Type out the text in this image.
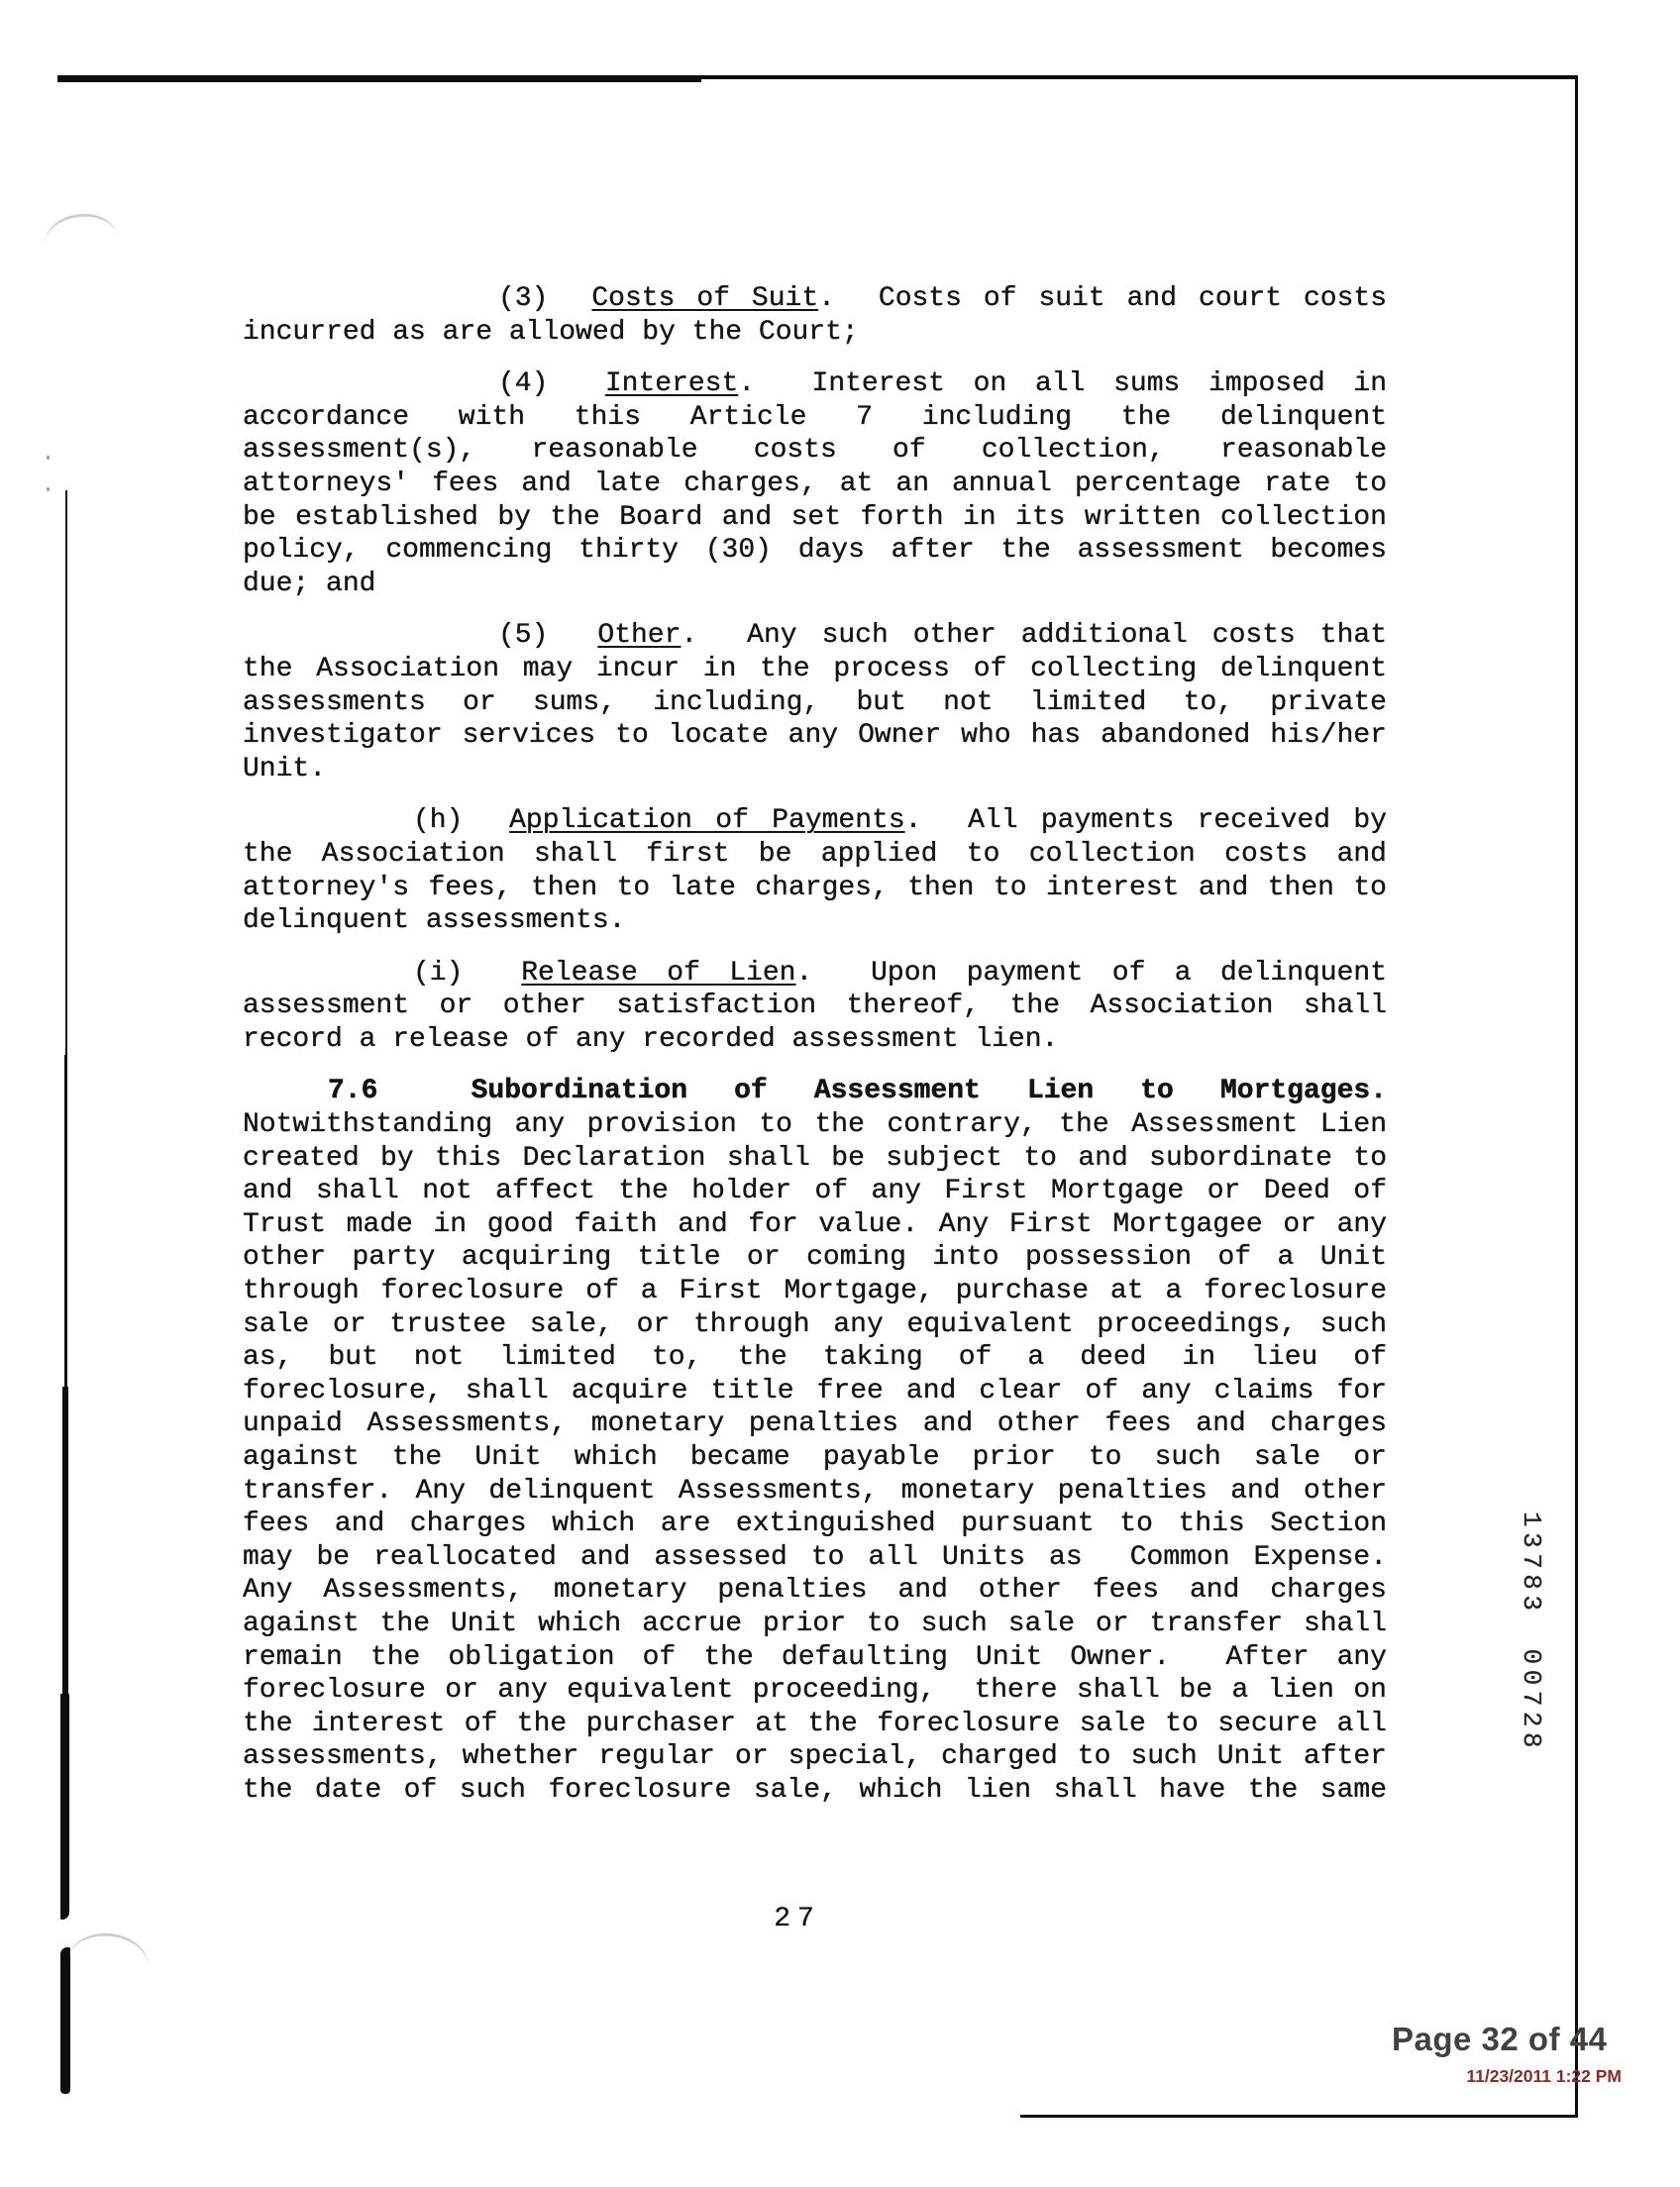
(3)  Costs of Suit.  Costs of suit and court costs
incurred as are allowed by the Court;
(4)  Interest.  Interest on all sums imposed in
accordance with this Article 7 including the delinquent
assessment(s), reasonable costs of collection, reasonable
attorneys' fees and late charges, at an annual percentage rate to
be established by the Board and set forth in its written collection
policy, commencing thirty (30) days after the assessment becomes
due; and
(5)  Other.  Any such other additional costs that
the Association may incur in the process of collecting delinquent
assessments or sums, including, but not limited to, private
investigator services to locate any Owner who has abandoned his/her
Unit.
(h)  Application of Payments.  All payments received by
the Association shall first be applied to collection costs and
attorney's fees, then to late charges, then to interest and then to
delinquent assessments.
(i)  Release of Lien.  Upon payment of a delinquent
assessment or other satisfaction thereof, the Association shall
record a release of any recorded assessment lien.
7.6  Subordination of Assessment Lien to Mortgages.
Notwithstanding any provision to the contrary, the Assessment Lien
created by this Declaration shall be subject to and subordinate to
and shall not affect the holder of any First Mortgage or Deed of
Trust made in good faith and for value. Any First Mortgagee or any
other party acquiring title or coming into possession of a Unit
through foreclosure of a First Mortgage, purchase at a foreclosure
sale or trustee sale, or through any equivalent proceedings, such
as, but not limited to, the taking of a deed in lieu of
foreclosure, shall acquire title free and clear of any claims for
unpaid Assessments, monetary penalties and other fees and charges
against the Unit which became payable prior to such sale or
transfer. Any delinquent Assessments, monetary penalties and other
fees and charges which are extinguished pursuant to this Section
may be reallocated and assessed to all Units as  Common Expense.
Any Assessments, monetary penalties and other fees and charges
against the Unit which accrue prior to such sale or transfer shall
remain the obligation of the defaulting Unit Owner.  After any
foreclosure or any equivalent proceeding,  there shall be a lien on
the interest of the purchaser at the foreclosure sale to secure all
assessments, whether regular or special, charged to such Unit after
the date of such foreclosure sale, which lien shall have the same
27
13783 00728
Page 32 of 44
11/23/2011 1:22 PM
